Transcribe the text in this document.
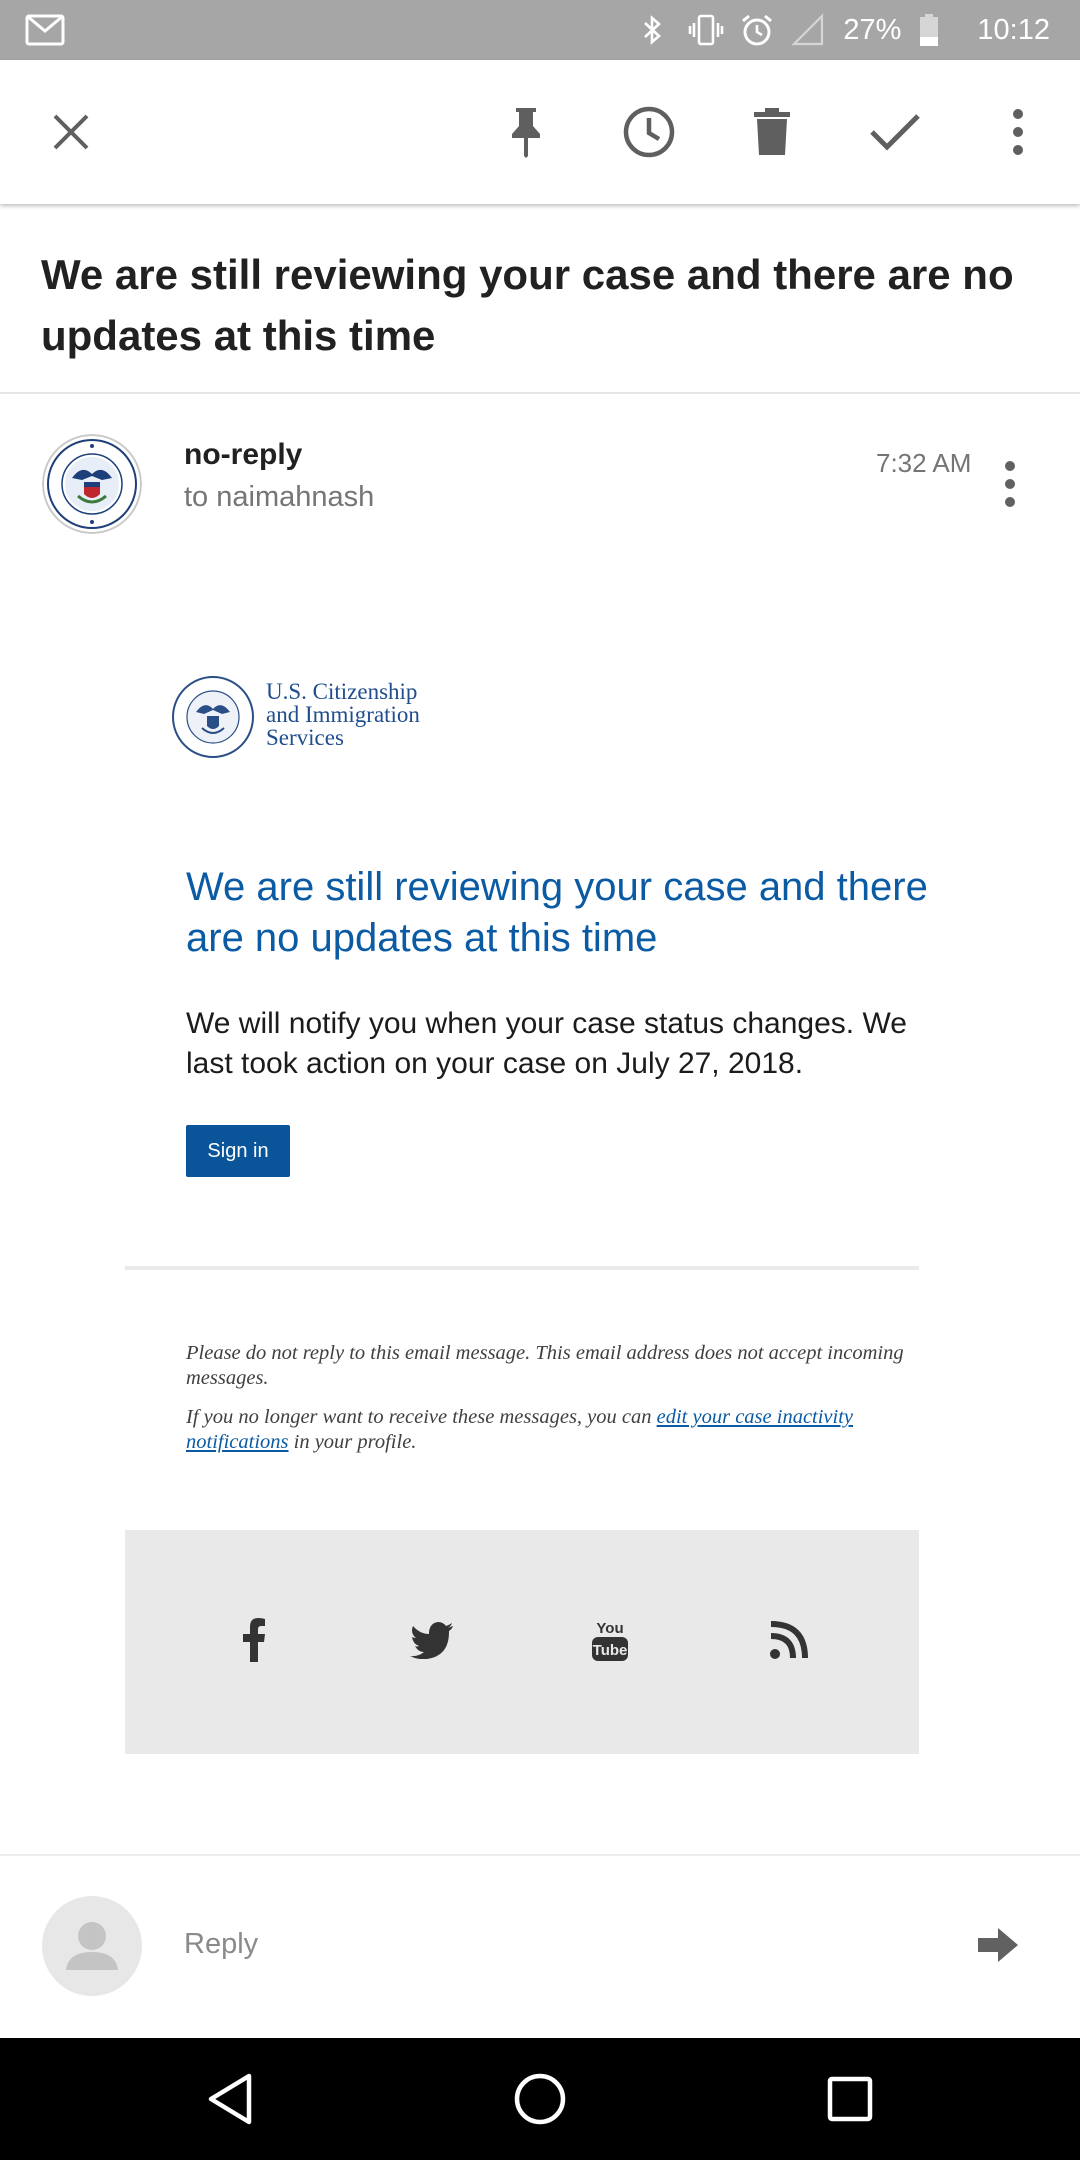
27%	10:12
We are still reviewing your case and there are no updates at this time
no-reply
to naimahnash
7:32 AM
U.S. Citizenship
and Immigration
Services
We are still reviewing your case and there are no updates at this time
We will notify you when your case status changes. We last took action on your case on July 27, 2018.
Sign in
Please do not reply to this email message. This email address does not accept incoming messages.
If you no longer want to receive these messages, you can edit your case inactivity notifications in your profile.
You
Tube
Reply
